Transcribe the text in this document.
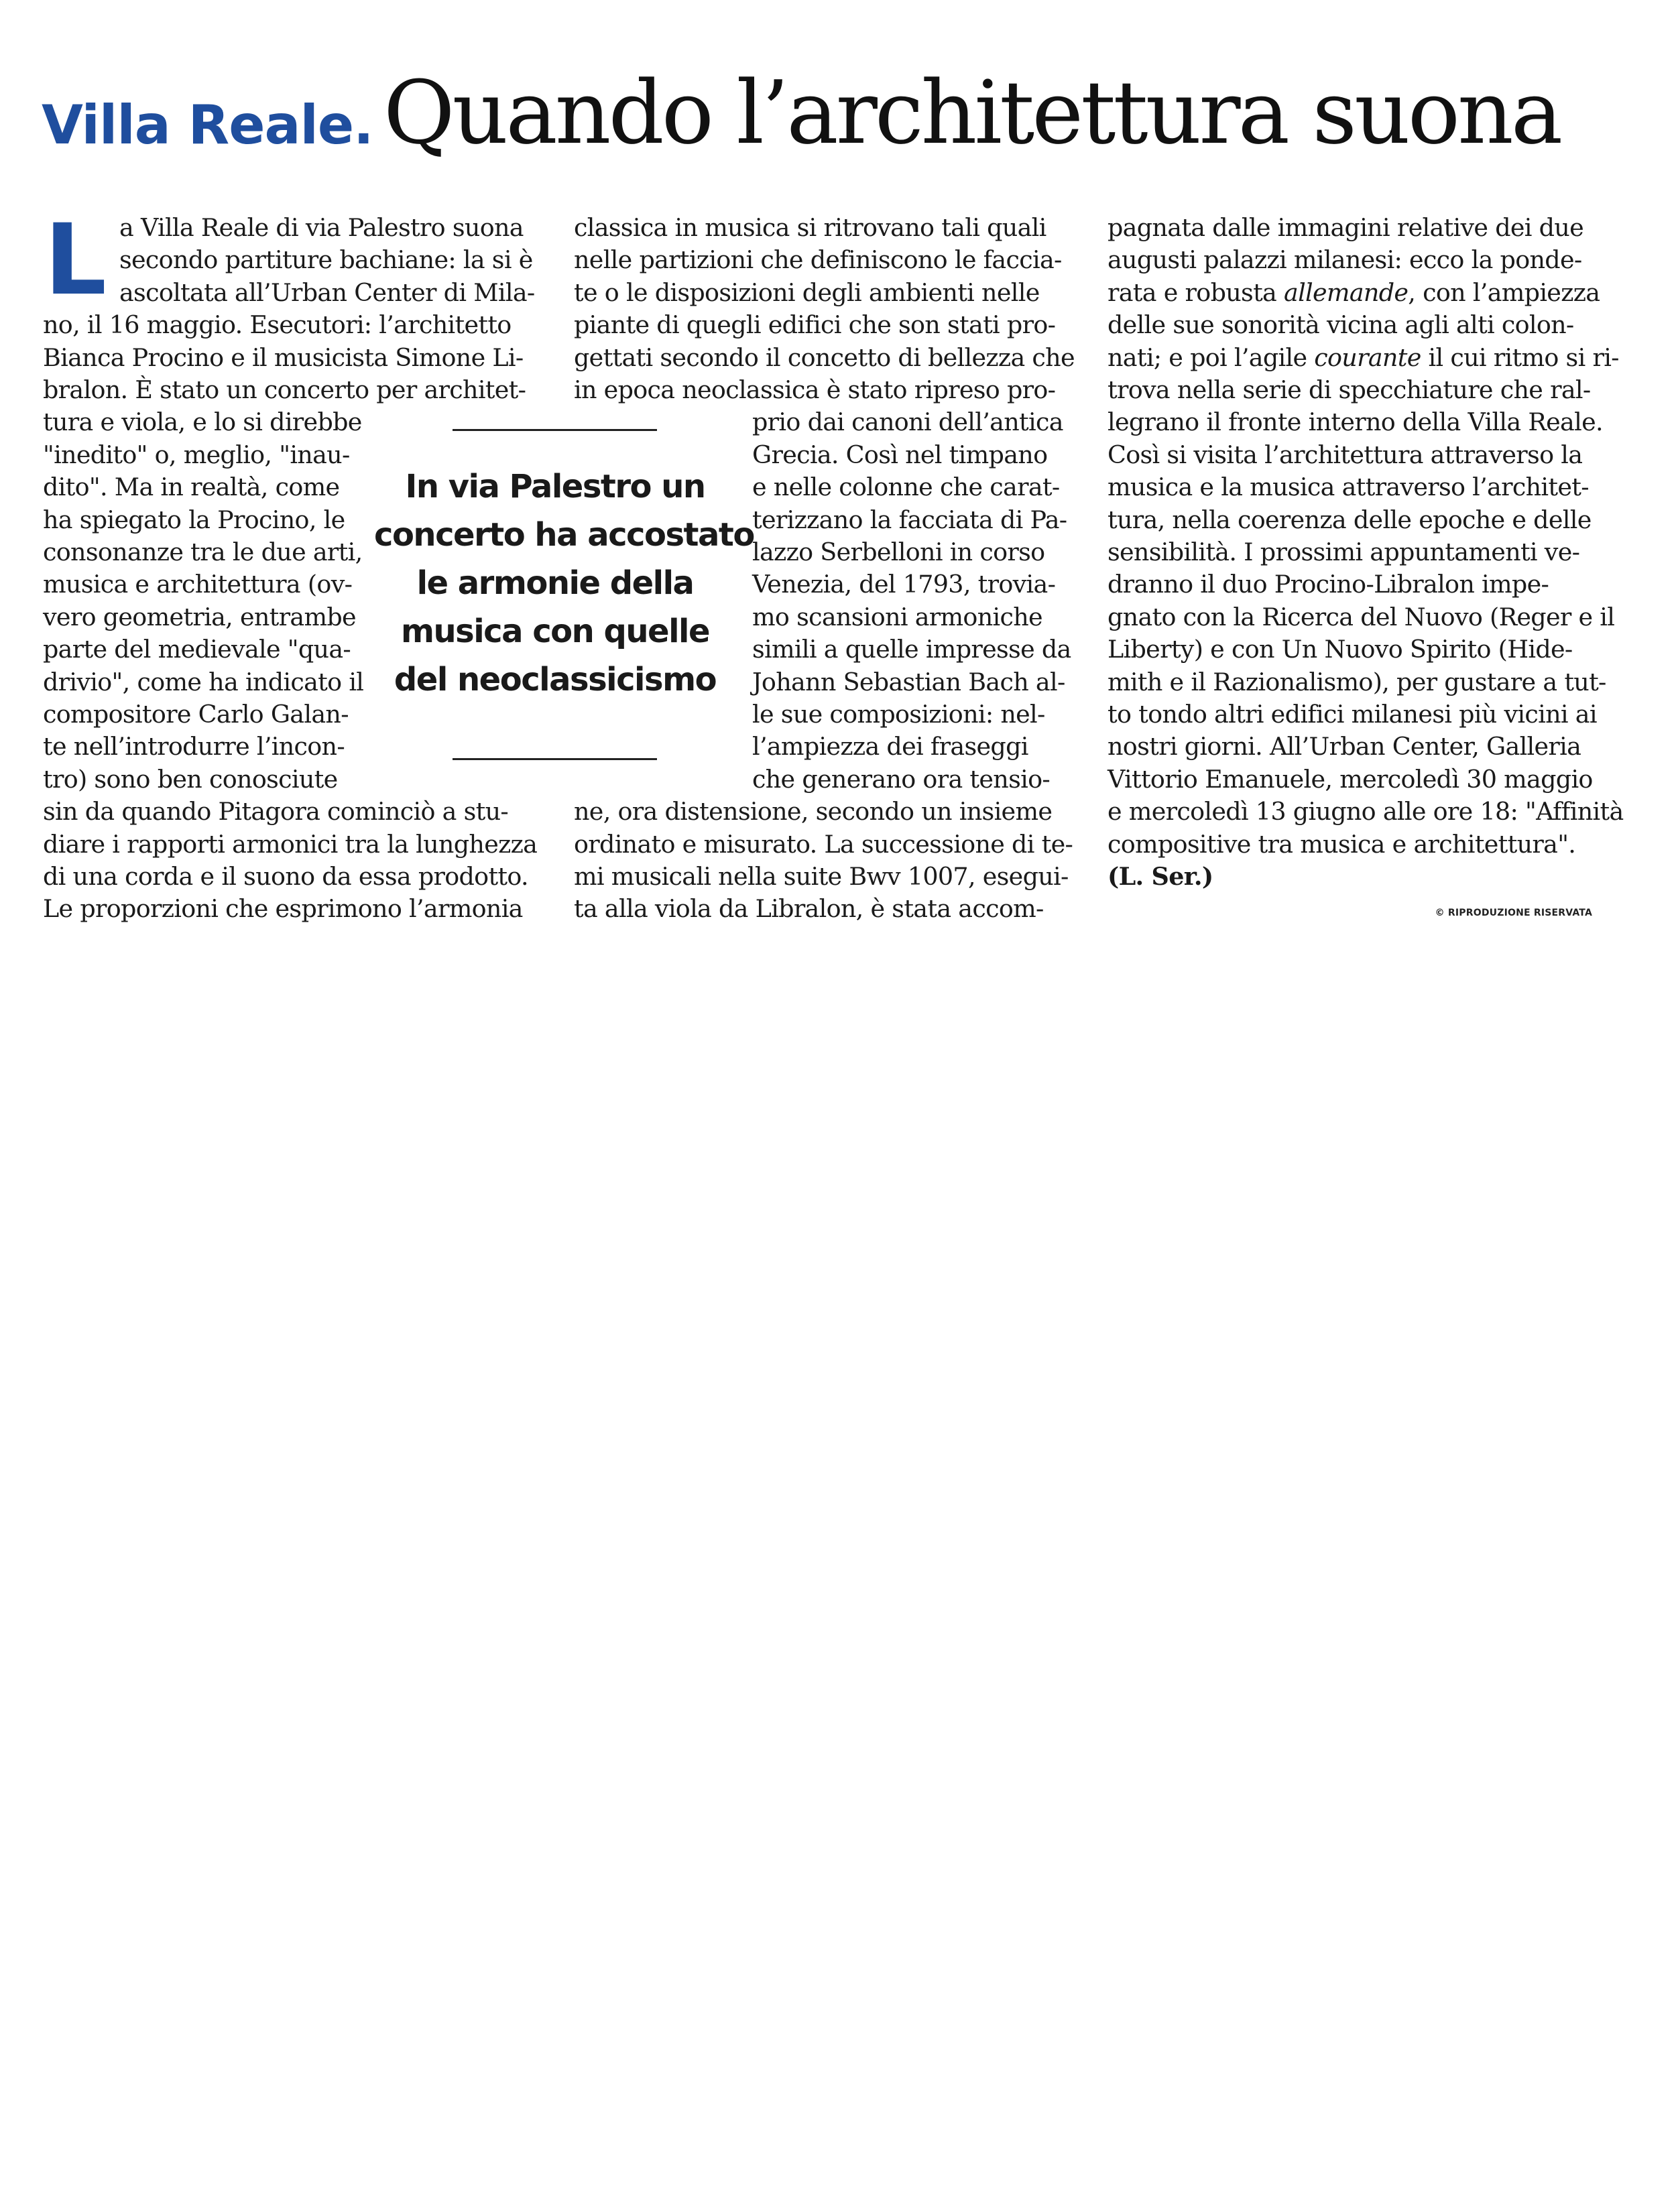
Villa Reale. Quando l’architettura suona
L a Villa Reale di via Palestro suona
secondo partiture bachiane: la si è
ascoltata all’Urban Center di Mila-
no, il 16 maggio. Esecutori: l’architetto
Bianca Procino e il musicista Simone Li-
bralon. È stato un concerto per architet-
tura e viola, e lo si direbbe
"inedito" o, meglio, "inau-
dito". Ma in realtà, come
ha spiegato la Procino, le
consonanze tra le due arti,
musica e architettura (ov-
vero geometria, entrambe
parte del medievale "qua-
drivio", come ha indicato il
compositore Carlo Galan-
te nell’introdurre l’incon-
tro) sono ben conosciute
sin da quando Pitagora cominciò a stu-
diare i rapporti armonici tra la lunghezza
di una corda e il suono da essa prodotto.
Le proporzioni che esprimono l’armonia
classica in musica si ritrovano tali quali
nelle partizioni che definiscono le faccia-
te o le disposizioni degli ambienti nelle
piante di quegli edifici che son stati pro-
gettati secondo il concetto di bellezza che
in epoca neoclassica è stato ripreso pro-
prio dai canoni dell’antica
Grecia. Così nel timpano
e nelle colonne che carat-
terizzano la facciata di Pa-
lazzo Serbelloni in corso
Venezia, del 1793, trovia-
mo scansioni armoniche
simili a quelle impresse da
Johann Sebastian Bach al-
le sue composizioni: nel-
l’ampiezza dei fraseggi
che generano ora tensio-
ne, ora distensione, secondo un insieme
ordinato e misurato. La successione di te-
mi musicali nella suite Bwv 1007, esegui-
ta alla viola da Libralon, è stata accom-
pagnata dalle immagini relative dei due
augusti palazzi milanesi: ecco la ponde-
rata e robusta allemande, con l’ampiezza
delle sue sonorità vicina agli alti colon-
nati; e poi l’agile courante il cui ritmo si ri-
trova nella serie di specchiature che ral-
legrano il fronte interno della Villa Reale.
Così si visita l’architettura attraverso la
musica e la musica attraverso l’architet-
tura, nella coerenza delle epoche e delle
sensibilità. I prossimi appuntamenti ve-
dranno il duo Procino-Libralon impe-
gnato con la Ricerca del Nuovo (Reger e il
Liberty) e con Un Nuovo Spirito (Hide-
mith e il Razionalismo), per gustare a tut-
to tondo altri edifici milanesi più vicini ai
nostri giorni. All’Urban Center, Galleria
Vittorio Emanuele, mercoledì 30 maggio
e mercoledì 13 giugno alle ore 18: "Affinità
compositive tra musica e architettura".
In via Palestro un
concerto ha accostato
le armonie della
musica con quelle
del neoclassicismo
(L. Ser.)
© RIPRODUZIONE RISERVATA
